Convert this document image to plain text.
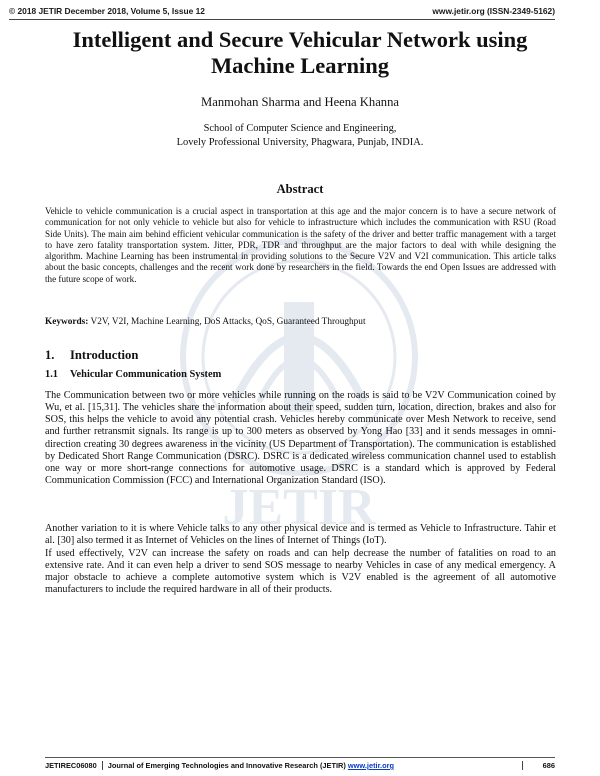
© 2018 JETIR December 2018, Volume 5, Issue 12	www.jetir.org (ISSN-2349-5162)
JETIR
Intelligent and Secure Vehicular Network using Machine Learning
Manmohan Sharma and Heena Khanna
School of Computer Science and Engineering,
Lovely Professional University, Phagwara, Punjab, INDIA.
Abstract

Vehicle to vehicle communication is a crucial aspect in transportation at this age and the major concern is to have a secure network of communication for not only vehicle to vehicle but also for vehicle to infrastructure which includes the communication with RSU (Road Side Units). The main aim behind efficient vehicular communication is the safety of the driver and better traffic management with a target to have zero fatality transportation system. Jitter, PDR, TDR and throughput are the major factors to deal with while designing the algorithm. Machine Learning has been instrumental in providing solutions to the Secure V2V and V2I communication. This article talks about the basic concepts, challenges and the recent work done by researchers in the field. Towards the end Open Issues are addressed with the future scope of work.

Keywords: V2V, V2I, Machine Learning, DoS Attacks, QoS, Guaranteed Throughput

1. Introduction
1.1 Vehicular Communication System

The Communication between two or more vehicles while running on the roads is said to be V2V Communication coined by Wu, et al. [15,31]. The vehicles share the information about their speed, sudden turn, location, direction, brakes and also for SOS, this helps the vehicle to avoid any potential crash. Vehicles hereby communicate over Mesh Network to receive, send and further retransmit signals. Its range is up to 300 meters as observed by Yong Hao [33] and it sends messages in omni-direction creating 30 degrees awareness in the vicinity (US Department of Transportation). The communication is established by Dedicated Short Range Communication (DSRC). DSRC is a dedicated wireless communication channel used to establish one way or more short-range connections for automotive usage. DSRC is a standard which is approved by Federal Communication Commission (FCC) and International Organization Standard (ISO).

Another variation to it is where Vehicle talks to any other physical device and is termed as Vehicle to Infrastructure. Tahir et al. [30] also termed it as Internet of Vehicles on the lines of Internet of Things (IoT).

If used effectively, V2V can increase the safety on roads and can help decrease the number of fatalities on road to an extensive rate. And it can even help a driver to send SOS message to nearby Vehicles in case of any medical emergency. A major obstacle to achieve a complete automotive system which is V2V enabled is the agreement of all automotive manufacturers to include the required hardware in all of their products.

JETIREC06080	Journal of Emerging Technologies and Innovative Research (JETIR) www.jetir.org	686
